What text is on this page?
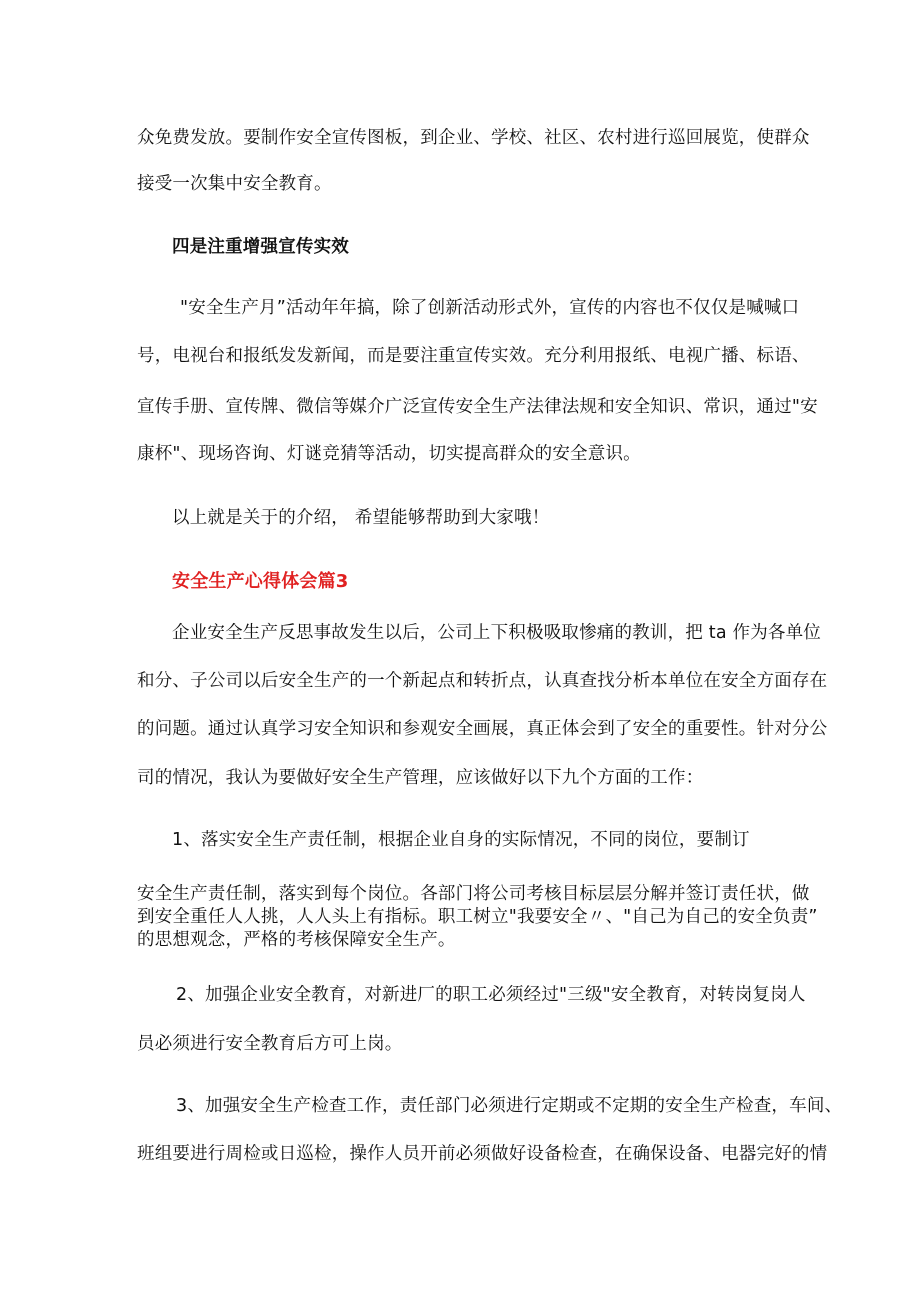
众免费发放。要制作安全宣传图板，到企业、学校、社区、农村进行巡回展览，使群众
接受一次集中安全教育。
四是注重增强宣传实效
"安全生产月”活动年年搞，除了创新活动形式外，宣传的内容也不仅仅是喊喊口
号，电视台和报纸发发新闻，而是要注重宣传实效。充分利用报纸、电视广播、标语、
宣传手册、宣传牌、微信等媒介广泛宣传安全生产法律法规和安全知识、常识，通过"安
康杯"、现场咨询、灯谜竞猜等活动，切实提高群众的安全意识。
以上就是关于的介绍， 希望能够帮助到大家哦！
安全生产心得体会篇3
企业安全生产反思事故发生以后，公司上下积极吸取惨痛的教训，把 ta 作为各单位
和分、子公司以后安全生产的一个新起点和转折点，认真查找分析本单位在安全方面存在
的问题。通过认真学习安全知识和参观安全画展，真正体会到了安全的重要性。针对分公
司的情况，我认为要做好安全生产管理，应该做好以下九个方面的工作：
1、落实安全生产责任制，根据企业自身的实际情况，不同的岗位，要制订
安全生产责任制，落实到每个岗位。各部门将公司考核目标层层分解并签订责任状，做
到安全重任人人挑，人人头上有指标。职工树立"我要安全〃、"自己为自己的安全负责”
的思想观念，严格的考核保障安全生产。
2、加强企业安全教育，对新进厂的职工必须经过"三级"安全教育，对转岗复岗人
员必须进行安全教育后方可上岗。
3、加强安全生产检查工作，责任部门必须进行定期或不定期的安全生产检查，车间、
班组要进行周检或日巡检，操作人员开前必须做好设备检查，在确保设备、电器完好的情
